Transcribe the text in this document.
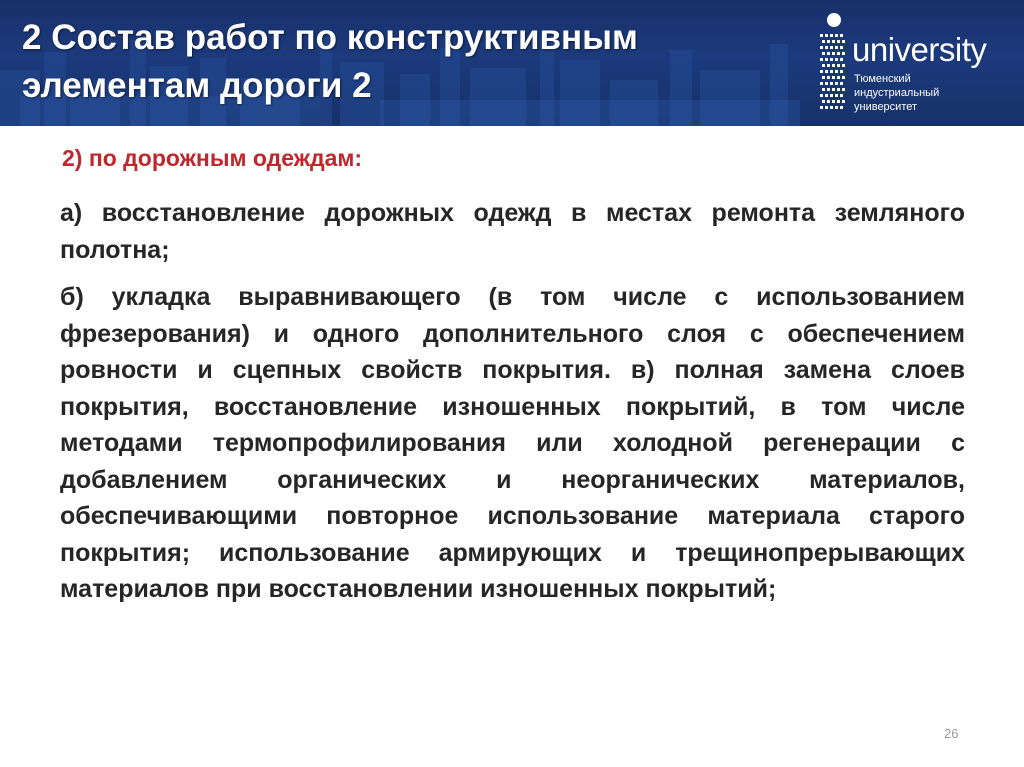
2 Состав работ по конструктивным
элементам дороги 2
university
Тюменский
индустриальный
университет

2) по дорожным одеждам:

а) восстановление дорожных одежд в местах ремонта земляного полотна;

б) укладка выравнивающего (в том числе с использованием фрезерования) и одного дополнительного слоя с обеспечением ровности и сцепных свойств покрытия. в) полная замена слоев покрытия, восстановление изношенных покрытий, в том числе методами термопрофилирования или холодной регенерации с добавлением органических и неорганических материалов, обеспечивающими повторное использование материала старого покрытия; использование армирующих и трещинопрерывающих материалов при восстановлении изношенных покрытий;

26
